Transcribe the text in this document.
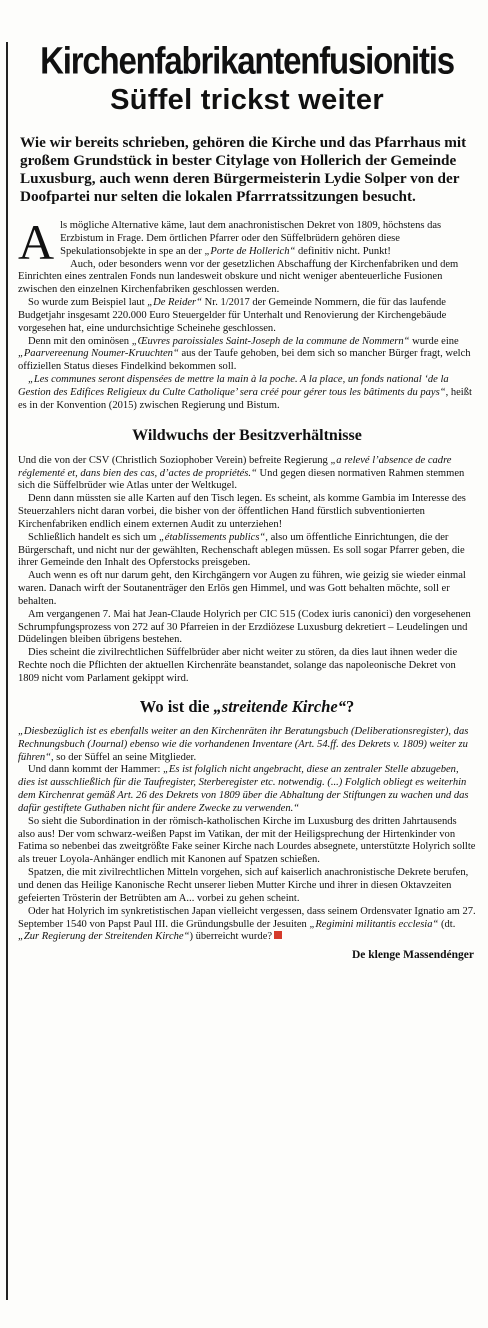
Kirchenfabrikantenfusionitis
Süffel trickst weiter
Wie wir bereits schrieben, gehören die Kirche und das Pfarrhaus mit großem Grundstück in bester Citylage von Hollerich der Gemeinde Luxusburg, auch wenn deren Bürgermeisterin Lydie Solper von der Doofpartei nur selten die lokalen Pfarrratssitzungen besucht.

Als mögliche Alternative käme, laut dem anachronistischen Dekret von 1809, höchstens das Erzbistum in Frage. Dem örtlichen Pfarrer oder den Süffelbrüdern gehören diese Spekulationsobjekte in spe an der „Porte de Hollerich“ definitiv nicht. Punkt!

Auch, oder besonders wenn vor der gesetzlichen Abschaffung der Kirchenfabriken und dem Einrichten eines zentralen Fonds nun landesweit obskure und nicht weniger abenteuerliche Fusionen zwischen den einzelnen Kirchenfabriken geschlossen werden.

So wurde zum Beispiel laut „De Reider“ Nr. 1/2017 der Gemeinde Nommern, die für das laufende Budgetjahr insgesamt 220.000 Euro Steuergelder für Unterhalt und Renovierung der Kirchengebäude vorgesehen hat, eine undurchsichtige Scheinehe geschlossen.

Denn mit den ominösen „Œuvres paroissiales Saint-Joseph de la commune de Nommern“ wurde eine „Paarvereenung Noumer-Kruuchten“ aus der Taufe gehoben, bei dem sich so mancher Bürger fragt, welch offiziellen Status dieses Findelkind bekommen soll.

„Les communes seront dispensées de mettre la main à la poche. A la place, un fonds national ‘de la Gestion des Edifices Religieux du Culte Catholique’ sera créé pour gérer tous les bâtiments du pays“, heißt es in der Konvention (2015) zwischen Regierung und Bistum.

Wildwuchs der Besitzverhältnisse

Und die von der CSV (Christlich Soziophober Verein) befreite Regierung „a relevé l’absence de cadre réglementé et, dans bien des cas, d’actes de propriétés.“ Und gegen diesen normativen Rahmen stemmen sich die Süffelbrüder wie Atlas unter der Weltkugel.

Denn dann müssten sie alle Karten auf den Tisch legen. Es scheint, als komme Gambia im Interesse des Steuerzahlers nicht daran vorbei, die bisher von der öffentlichen Hand fürstlich subventionierten Kirchenfabriken endlich einem externen Audit zu unterziehen!

Schließlich handelt es sich um „établissements publics“, also um öffentliche Einrichtungen, die der Bürgerschaft, und nicht nur der gewählten, Rechenschaft ablegen müssen. Es soll sogar Pfarrer geben, die ihrer Gemeinde den Inhalt des Opferstocks preisgeben.

Auch wenn es oft nur darum geht, den Kirchgängern vor Augen zu führen, wie geizig sie wieder einmal waren. Danach wirft der Soutanenträger den Erlös gen Himmel, und was Gott behalten möchte, soll er behalten.

Am vergangenen 7. Mai hat Jean-Claude Holyrich per CIC 515 (Codex iuris canonici) den vorgesehenen Schrumpfungsprozess von 272 auf 30 Pfarreien in der Erzdiözese Luxusburg dekretiert – Leudelingen und Düdelingen bleiben übrigens bestehen.

Dies scheint die zivilrechtlichen Süffelbrüder aber nicht weiter zu stören, da dies laut ihnen weder die Rechte noch die Pflichten der aktuellen Kirchenräte beanstandet, solange das napoleonische Dekret von 1809 nicht vom Parlament gekippt wird.

Wo ist die „streitende Kirche“?

„Diesbezüglich ist es ebenfalls weiter an den Kirchenräten ihr Beratungsbuch (Deliberationsregister), das Rechnungsbuch (Journal) ebenso wie die vorhandenen Inventare (Art. 54.ff. des Dekrets v. 1809) weiter zu führen“, so der Süffel an seine Mitglieder.

Und dann kommt der Hammer: „Es ist folglich nicht angebracht, diese an zentraler Stelle abzugeben, dies ist ausschließlich für die Taufregister, Sterberegister etc. notwendig. (...) Folglich obliegt es weiterhin dem Kirchenrat gemäß Art. 26 des Dekrets von 1809 über die Abhaltung der Stiftungen zu wachen und das dafür gestiftete Guthaben nicht für andere Zwecke zu verwenden.“

So sieht die Subordination in der römisch-katholischen Kirche im Luxusburg des dritten Jahrtausends also aus! Der vom schwarz-weißen Papst im Vatikan, der mit der Heiligsprechung der Hirtenkinder von Fatima so nebenbei das zweitgrößte Fake seiner Kirche nach Lourdes absegnete, unterstützte Holyrich sollte als treuer Loyola-Anhänger endlich mit Kanonen auf Spatzen schießen.

Spatzen, die mit zivilrechtlichen Mitteln vorgehen, sich auf kaiserlich anachronistische Dekrete berufen, und denen das Heilige Kanonische Recht unserer lieben Mutter Kirche und ihrer in diesen Oktavzeiten gefeierten Trösterin der Betrübten am A... vorbei zu gehen scheint.

Oder hat Holyrich im synkretistischen Japan vielleicht vergessen, dass seinem Ordensvater Ignatio am 27. September 1540 von Papst Paul III. die Gründungsbulle der Jesuiten „Regimini militantis ecclesia“ (dt. „Zur Regierung der Streitenden Kirche“) überreicht wurde?

De klenge Massendénger
